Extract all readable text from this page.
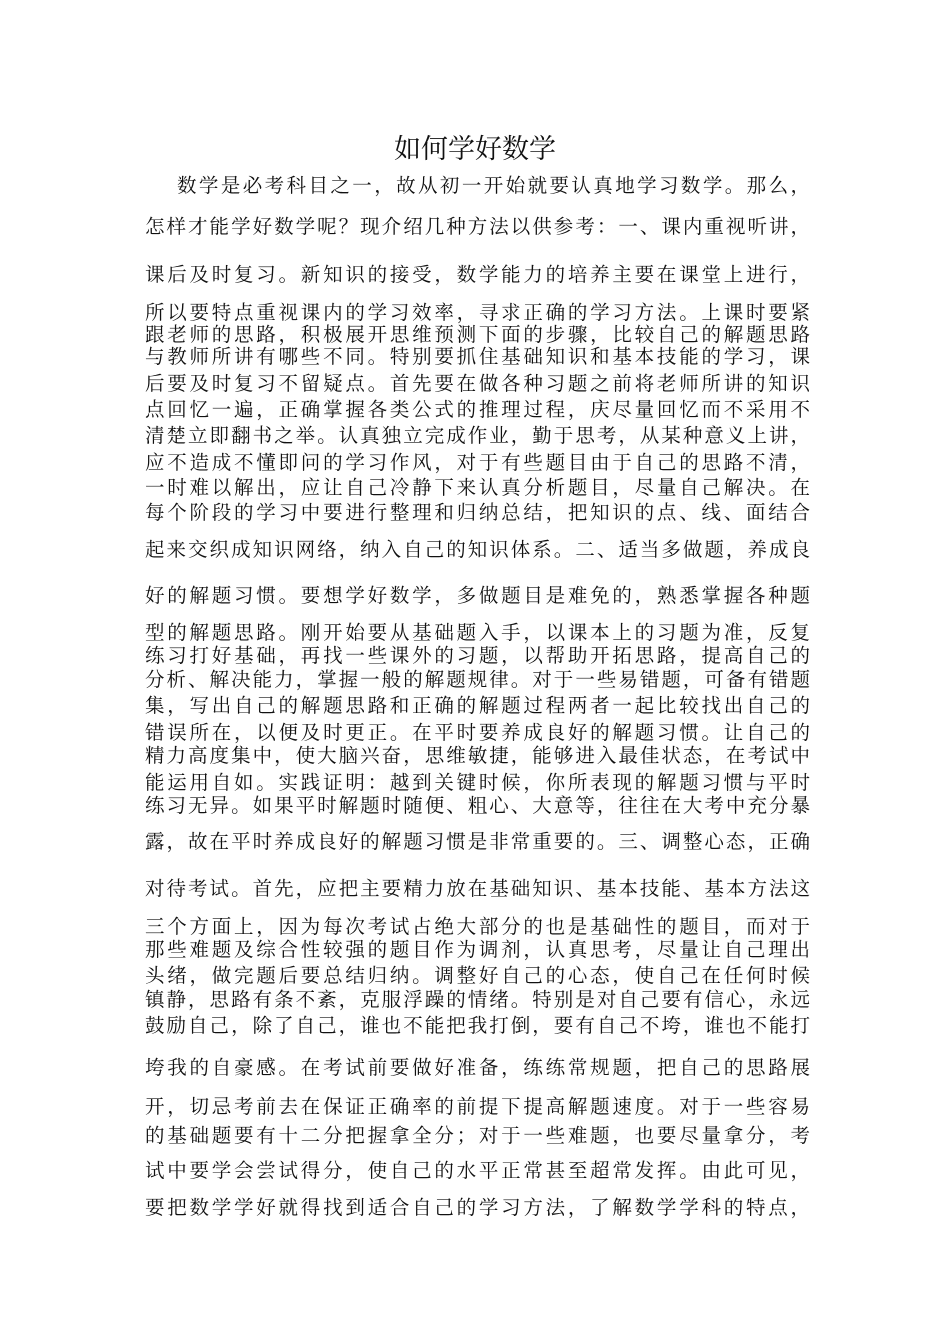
如何学好数学
数学是必考科目之一，故从初一开始就要认真地学习数学。那么，
怎样才能学好数学呢？现介绍几种方法以供参考：一、课内重视听讲，
课后及时复习。新知识的接受，数学能力的培养主要在课堂上进行，
所以要特点重视课内的学习效率，寻求正确的学习方法。上课时要紧
跟老师的思路，积极展开思维预测下面的步骤，比较自己的解题思路
与教师所讲有哪些不同。特别要抓住基础知识和基本技能的学习，课
后要及时复习不留疑点。首先要在做各种习题之前将老师所讲的知识
点回忆一遍，正确掌握各类公式的推理过程，庆尽量回忆而不采用不
清楚立即翻书之举。认真独立完成作业，勤于思考，从某种意义上讲，
应不造成不懂即问的学习作风，对于有些题目由于自己的思路不清，
一时难以解出，应让自己冷静下来认真分析题目，尽量自己解决。在
每个阶段的学习中要进行整理和归纳总结，把知识的点、线、面结合
起来交织成知识网络，纳入自己的知识体系。二、适当多做题，养成良
好的解题习惯。要想学好数学，多做题目是难免的，熟悉掌握各种题
型的解题思路。刚开始要从基础题入手，以课本上的习题为准，反复
练习打好基础，再找一些课外的习题，以帮助开拓思路，提高自己的
分析、解决能力，掌握一般的解题规律。对于一些易错题，可备有错题
集，写出自己的解题思路和正确的解题过程两者一起比较找出自己的
错误所在，以便及时更正。在平时要养成良好的解题习惯。让自己的
精力高度集中，使大脑兴奋，思维敏捷，能够进入最佳状态，在考试中
能运用自如。实践证明：越到关键时候，你所表现的解题习惯与平时
练习无异。如果平时解题时随便、粗心、大意等，往往在大考中充分暴
露，故在平时养成良好的解题习惯是非常重要的。三、调整心态，正确
对待考试。首先，应把主要精力放在基础知识、基本技能、基本方法这
三个方面上，因为每次考试占绝大部分的也是基础性的题目，而对于
那些难题及综合性较强的题目作为调剂，认真思考，尽量让自己理出
头绪，做完题后要总结归纳。调整好自己的心态，使自己在任何时候
镇静，思路有条不紊，克服浮躁的情绪。特别是对自己要有信心，永远
鼓励自己，除了自己，谁也不能把我打倒，要有自己不垮，谁也不能打
垮我的自豪感。在考试前要做好准备，练练常规题，把自己的思路展
开，切忌考前去在保证正确率的前提下提高解题速度。对于一些容易
的基础题要有十二分把握拿全分；对于一些难题，也要尽量拿分，考
试中要学会尝试得分，使自己的水平正常甚至超常发挥。由此可见，
要把数学学好就得找到适合自己的学习方法，了解数学学科的特点，
